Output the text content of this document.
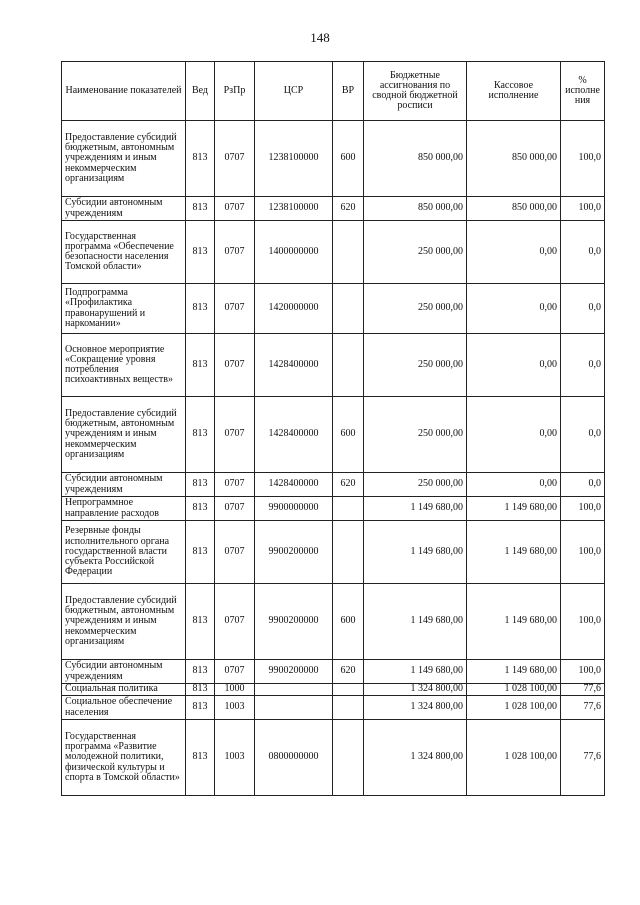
148
Наименование показателей	Вед	РзПр	ЦСР	ВР	Бюджетные ассигнования по сводной бюджетной росписи	Кассовое исполнение	% исполне ния
Предоставление субсидий бюджетным, автономным учреждениям и иным некоммерческим организациям	813	0707	1238100000	600	850 000,00	850 000,00	100,0
Субсидии автономным учреждениям	813	0707	1238100000	620	850 000,00	850 000,00	100,0
Государственная программа «Обеспечение безопасности населения Томской области»	813	0707	1400000000		250 000,00	0,00	0,0
Подпрограмма «Профилактика правонарушений и наркомании»	813	0707	1420000000		250 000,00	0,00	0,0
Основное мероприятие «Сокращение уровня потребления психоактивных веществ»	813	0707	1428400000		250 000,00	0,00	0,0
Предоставление субсидий бюджетным, автономным учреждениям и иным некоммерческим организациям	813	0707	1428400000	600	250 000,00	0,00	0,0
Субсидии автономным учреждениям	813	0707	1428400000	620	250 000,00	0,00	0,0
Непрограммное направление расходов	813	0707	9900000000		1 149 680,00	1 149 680,00	100,0
Резервные фонды исполнительного органа государственной власти субъекта Российской Федерации	813	0707	9900200000		1 149 680,00	1 149 680,00	100,0
Предоставление субсидий бюджетным, автономным учреждениям и иным некоммерческим организациям	813	0707	9900200000	600	1 149 680,00	1 149 680,00	100,0
Субсидии автономным учреждениям	813	0707	9900200000	620	1 149 680,00	1 149 680,00	100,0
Социальная политика	813	1000			1 324 800,00	1 028 100,00	77,6
Социальное обеспечение населения	813	1003			1 324 800,00	1 028 100,00	77,6
Государственная программа «Развитие молодежной политики, физической культуры и спорта в Томской области»	813	1003	0800000000		1 324 800,00	1 028 100,00	77,6
